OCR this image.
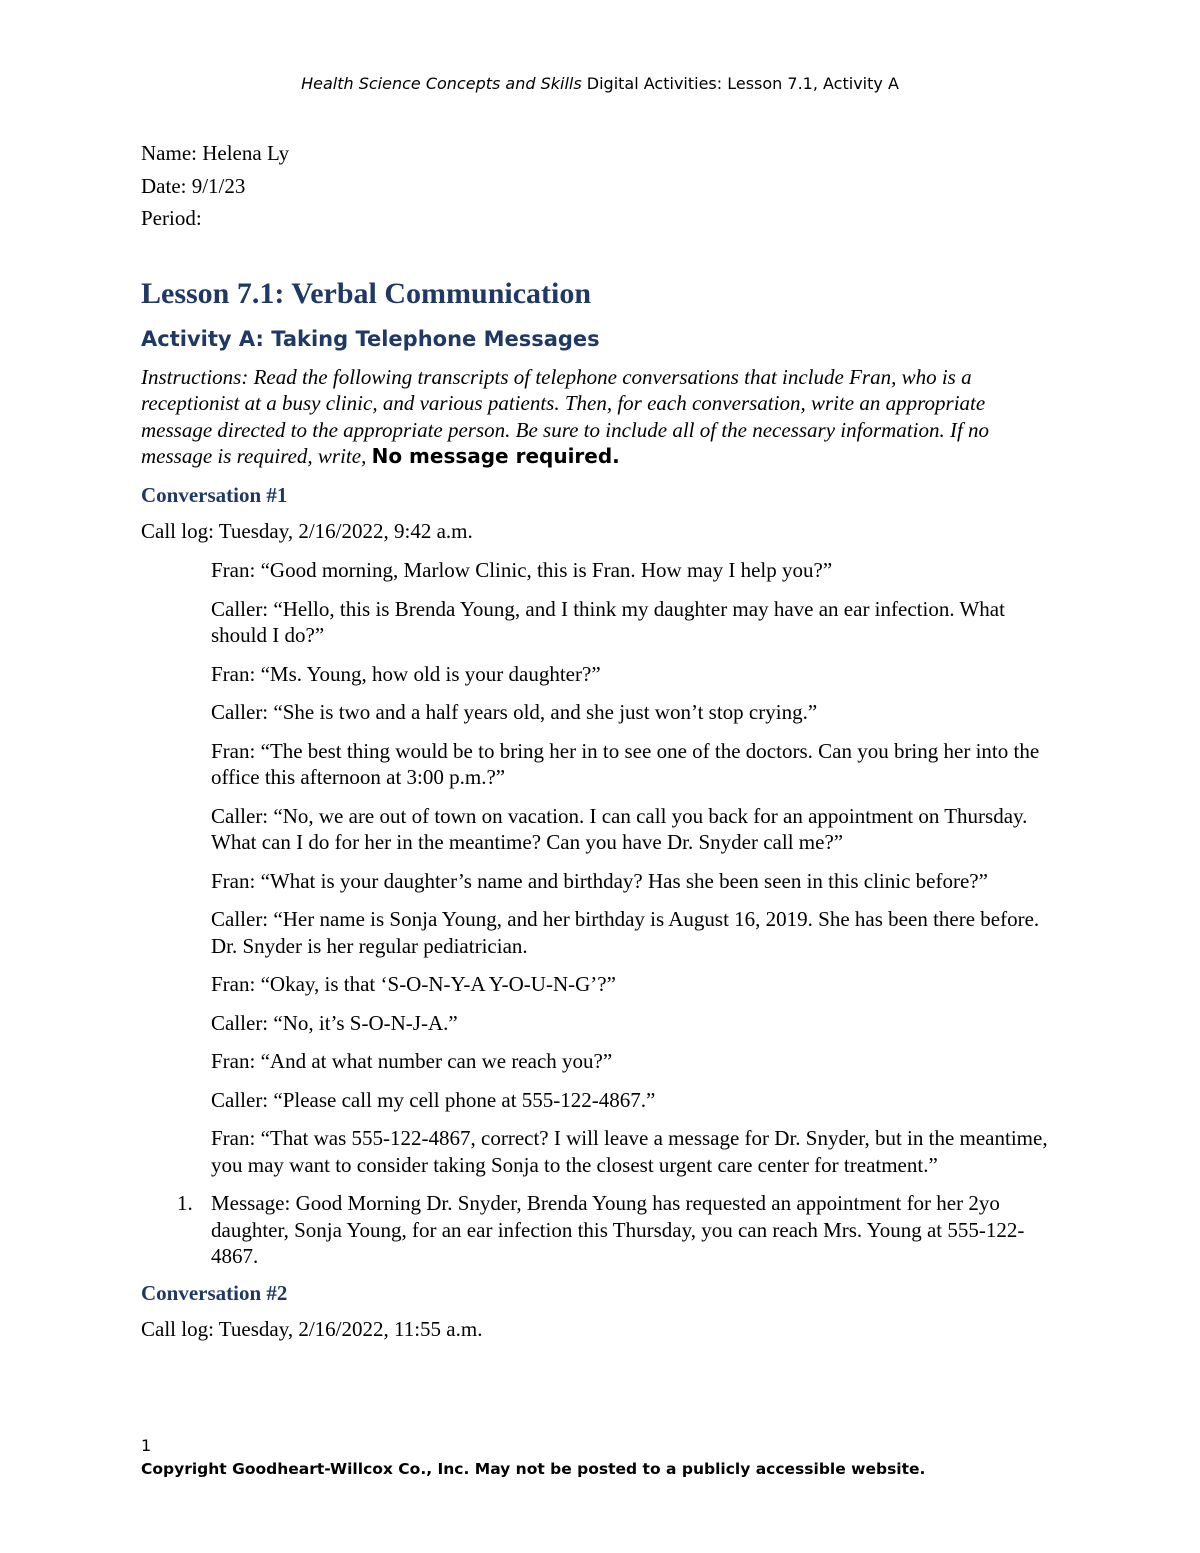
Health Science Concepts and Skills Digital Activities: Lesson 7.1, Activity A
Name: Helena Ly
Date: 9/1/23
Period:
Lesson 7.1: Verbal Communication
Activity A: Taking Telephone Messages

Instructions: Read the following transcripts of telephone conversations that include Fran, who is a receptionist at a busy clinic, and various patients. Then, for each conversation, write an appropriate message directed to the appropriate person. Be sure to include all of the necessary information. If no message is required, write, No message required.

Conversation #1
Call log: Tuesday, 2/16/2022, 9:42 a.m.
Fran: “Good morning, Marlow Clinic, this is Fran. How may I help you?”
Caller: “Hello, this is Brenda Young, and I think my daughter may have an ear infection. What should I do?”
Fran: “Ms. Young, how old is your daughter?”
Caller: “She is two and a half years old, and she just won’t stop crying.”
Fran: “The best thing would be to bring her in to see one of the doctors. Can you bring her into the office this afternoon at 3:00 p.m.?”
Caller: “No, we are out of town on vacation. I can call you back for an appointment on Thursday. What can I do for her in the meantime? Can you have Dr. Snyder call me?”
Fran: “What is your daughter’s name and birthday? Has she been seen in this clinic before?”
Caller: “Her name is Sonja Young, and her birthday is August 16, 2019. She has been there before. Dr. Snyder is her regular pediatrician.
Fran: “Okay, is that ‘S-O-N-Y-A Y-O-U-N-G’?”
Caller: “No, it’s S-O-N-J-A.”
Fran: “And at what number can we reach you?”
Caller: “Please call my cell phone at 555-122-4867.”
Fran: “That was 555-122-4867, correct? I will leave a message for Dr. Snyder, but in the meantime, you may want to consider taking Sonja to the closest urgent care center for treatment.”
1. Message: Good Morning Dr. Snyder, Brenda Young has requested an appointment for her 2yo daughter, Sonja Young, for an ear infection this Thursday, you can reach Mrs. Young at 555-122-4867.
Conversation #2
Call log: Tuesday, 2/16/2022, 11:55 a.m.
1
Copyright Goodheart-Willcox Co., Inc. May not be posted to a publicly accessible website.
